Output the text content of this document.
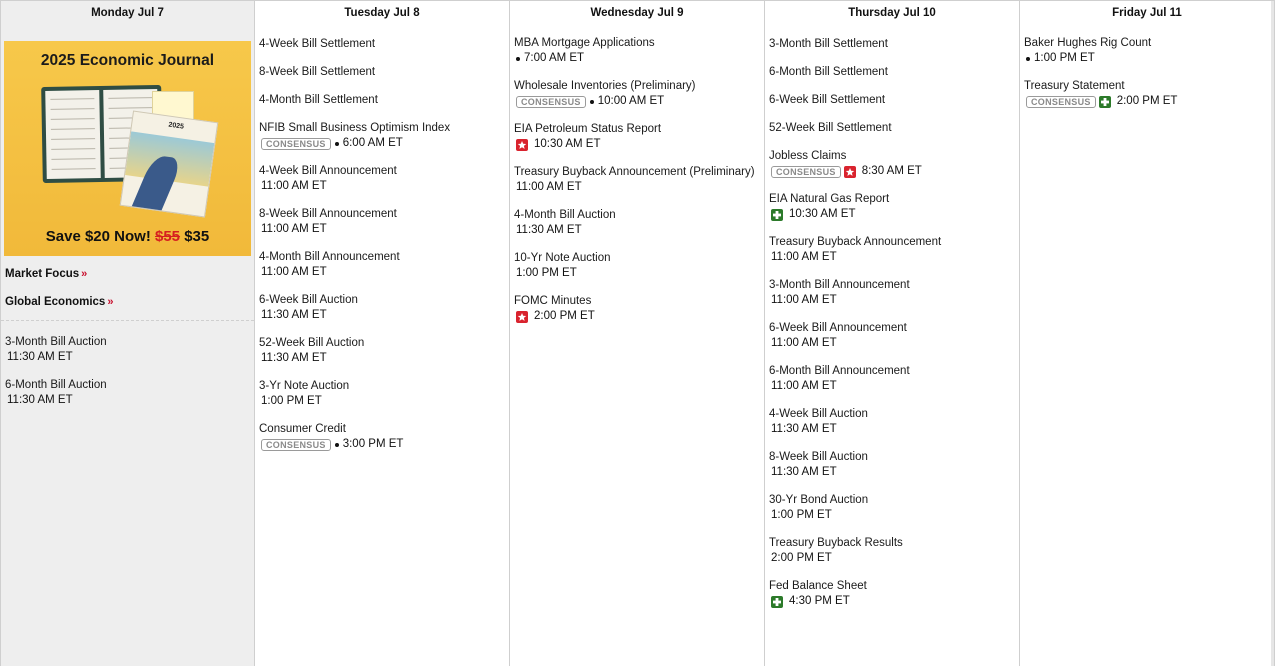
Monday Jul 7
2025 Economic Journal
2025
Save $20 Now! $55 $35
Market Focus »
Global Economics »
3-Month Bill Auction
11:30 AM ET
6-Month Bill Auction
11:30 AM ET
Tuesday Jul 8
4-Week Bill Settlement
8-Week Bill Settlement
4-Month Bill Settlement
NFIB Small Business Optimism Index
CONSENSUS	6:00 AM ET
4-Week Bill Announcement
11:00 AM ET
8-Week Bill Announcement
11:00 AM ET
4-Month Bill Announcement
11:00 AM ET
6-Week Bill Auction
11:30 AM ET
52-Week Bill Auction
11:30 AM ET
3-Yr Note Auction
1:00 PM ET
Consumer Credit
CONSENSUS	3:00 PM ET
Wednesday Jul 9
MBA Mortgage Applications
7:00 AM ET
Wholesale Inventories (Preliminary)
CONSENSUS	10:00 AM ET
EIA Petroleum Status Report
10:30 AM ET
Treasury Buyback Announcement (Preliminary)
11:00 AM ET
4-Month Bill Auction
11:30 AM ET
10-Yr Note Auction
1:00 PM ET
FOMC Minutes
2:00 PM ET
Thursday Jul 10
3-Month Bill Settlement
6-Month Bill Settlement
6-Week Bill Settlement
52-Week Bill Settlement
Jobless Claims
CONSENSUS	8:30 AM ET
EIA Natural Gas Report
10:30 AM ET
Treasury Buyback Announcement
11:00 AM ET
3-Month Bill Announcement
11:00 AM ET
6-Week Bill Announcement
11:00 AM ET
6-Month Bill Announcement
11:00 AM ET
4-Week Bill Auction
11:30 AM ET
8-Week Bill Auction
11:30 AM ET
30-Yr Bond Auction
1:00 PM ET
Treasury Buyback Results
2:00 PM ET
Fed Balance Sheet
4:30 PM ET
Friday Jul 11
Baker Hughes Rig Count
1:00 PM ET
Treasury Statement
CONSENSUS	2:00 PM ET
